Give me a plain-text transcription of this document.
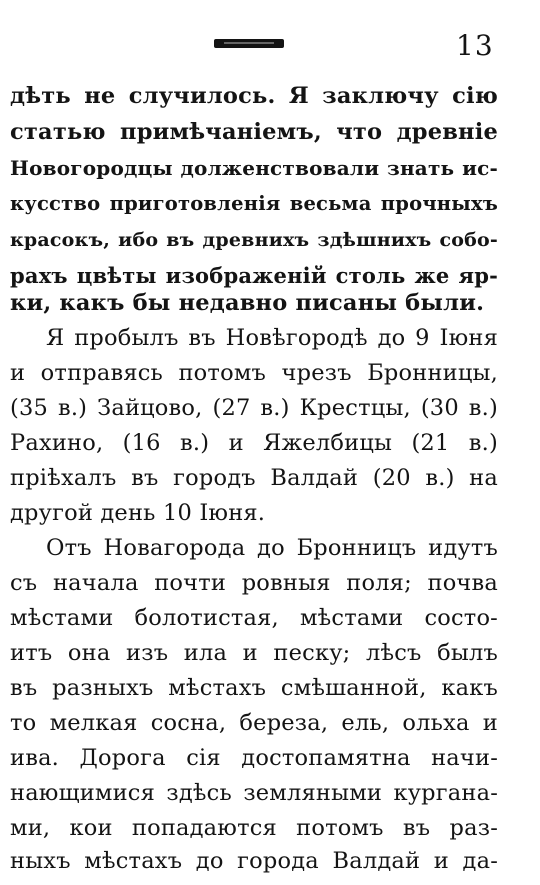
13
дѣть не случилось. Я заключу сію
статью примѣчаніемъ, что древніе
Новогородцы долженствовали знать ис-
кусство приготовленія весьма прочныхъ
красокъ, ибо въ древнихъ здѣшнихъ собо-
рахъ цвѣты изображеній столь же яр-
ки, какъ бы недавно писаны были.
Я пробылъ въ Новѣгородѣ до 9 Іюня
и отправясь потомъ чрезъ Бронницы,
(35 в.) Зайцово, (27 в.) Крестцы, (30 в.)
Рахино, (16 в.) и Яжелбицы (21 в.)
пріѣхалъ въ городъ Валдай (20 в.) на
другой день 10 Іюня.
Отъ Новагорода до Бронницъ идутъ
съ начала почти ровныя поля; почва
мѣстами болотистая, мѣстами состо-
итъ она изъ ила и песку; лѣсъ былъ
въ разныхъ мѣстахъ смѣшанной, какъ
то мелкая сосна, береза, ель, ольха и
ива. Дорога сія достопамятна начи-
нающимися здѣсь земляными курганa-
ми, кои попадаются потомъ въ раз-
ныхъ мѣстахъ до города Валдай и да-
